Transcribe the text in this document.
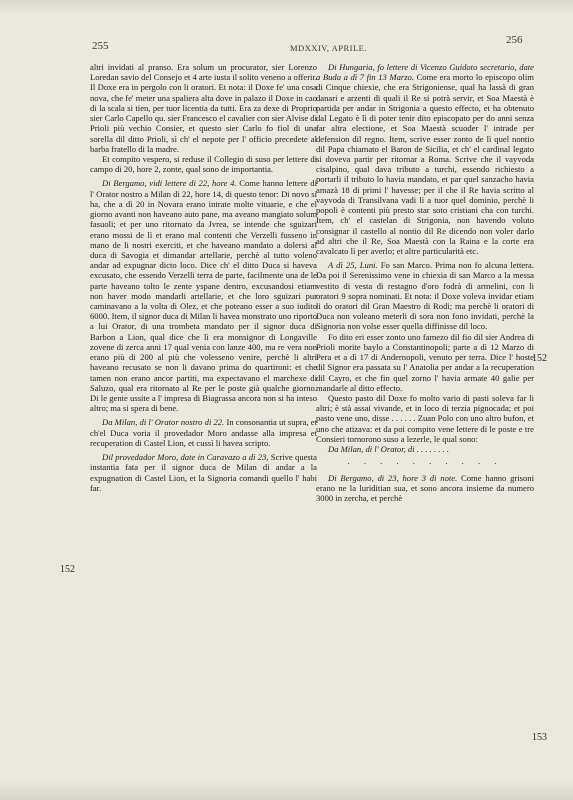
255	MDXXIV, APRILE.
256

altri invidati al pranso. Era solum un procurator, sier Lorenzo Loredan savio del Consejo et 4 arte iusta il solito veneno a offerir. Il Doxe era in pergolo con li oratori. Et nota: il Doxe fe' una cosa nova, che fe' meter una spaliera alta dove in palazo il Doxe in cao di la scala si tien, per tuor licentia da tutti. Era za dexe di Proprio sier Carlo Capello qu. sier Francesco el cavalier con sier Alvise di Prioli più vechio Consier, et questo sier Carlo fo fiol di una sorella dil ditto Prioli, sì ch' el nepote per l' officio precedete al barba fratello di la madre.

Et compito vespero, si reduse il Collegio di suso per lettere di campo di 20, hore 2, zonte, qual sono de importantia.

Di Bergamo, vidi lettere di 22, hore 4. Come hanno lettere di l' Orator nostro a Milan di 22, hore 14, di questo tenor: Di novo si ha, che a dì 20 in Novara erano intrate molte vituarie, e che el giorno avanti non haveano auto pane, ma aveano mangiato solum fasuoli; et per uno ritornato da Jvrea, se intende che sguizari erano mossi de lì et erano mal contenti che Verzelli fusseno in mano de li nostri exerciti, et che haveano mandato a dolersi al duca di Savogia et dimandar artellarie, perchè al tutto voleno andar ad expugnar dicto loco. Dice ch' el ditto Duca si haveva excusato, che essendo Verzelli terra de parte, facilmente una de le parte haveano tolto le zente yspane dentro, excusandosi etiam non haver modo mandarli artellarie, et che loro sguizari pur caminavano a la volta di Olez, et che poteano esser a suo iudito 6000. Item, il signor duca di Milan li havea monstrato uno riporto a lui Orator, di una trombeta mandato per il signor duca di Barbon a Lion, qual dice che lì era monsignor di Longaville zovene di zerca anni 17 qual venia con lanze 400, ma re vera non erano più di 200 al più che volesseno venire, perchè li altri haveano recusato se non li davano prima do quartironi: et che tamen non erano ancor partiti, ma expectavano el marchexe di Saluzo, qual era ritornato al Re per le poste già qualche giorno. Di le gente ussite a l' impresa di Biagrassa ancora non si ha inteso altro; ma si spera di bene.

Da Milan, di l' Orator nostro di 22. In consonantia ut supra, et ch'el Duca voria il provedador Moro andasse alla impresa et recuperation di Castel Lion, et cussì li havea scripto.

Dil provedador Moro, date in Caravazo a dì 23, Scrive questa instantia fata per il signor duca de Milan di andar a la expugnation di Castel Lion, et la Signoria comandi quello l' habi far.

Di Hungaria, fo lettere di Vicenzo Guidoto secretario, date a Buda a dì 7 fin 13 Marzo. Come era morto lo episcopo olim di Cinque chiexie, che era Strigoniense, qual ha lassà di gran danari e arzenti di quali il Re si potrà servir, et Soa Maestà è partida per andar in Strigonia a questo effecto, et ha obtenuto dal Legato è lì di poter tenir dito episcopato per do anni senza far altra electione, et Soa Maestà scuoder l' intrade per defension dil regno. Item, scrive esser zonto de lì quel nontio dil Papa chiamato el Baron de Sicilia, et ch' el cardinal legato si doveva partir per ritornar a Roma. Scrive che il vayvoda cisalpino, qual dava tributo a turchi, essendo richiesto a portarli il tributo lo havia mandato, et par quel sanzacho havia amazà 18 di primi l' havesse; per il che il Re havia scritto al vayvoda di Transilvana vadi lì a tuor quel dominio, perchè li popoli è contenti più presto star soto cristiani cha con turchi. Item, ch' el castelan di Strigonia, non havendo voluto consignar il castello al nontio dil Re dicendo non voler darlo ad altri che il Re, Soa Maestà con la Raina e la corte era cavalcato lì per averlo; et altre particularità etc.

A dì 25, Luni. Fo san Marco. Prima non fo alcuna lettera. Da poi il Serenissimo vene in chiexia di san Marco a la messa vestito di vesta di restagno d'oro fodrà di armelini, con li oratori 9 sopra nominati. Et nota: il Doxe voleva invidar etiam li do oratori dil Gran Maestro di Rodi; ma perchè li oratori di Duca non voleano meterli di sora non fono invidati, perchè la Signoria non volse esser quella diffinisse dil loco.

Fo dito eri esser zonto uno famezo dil fio dil sier Andrea di Prioli morite baylo a Constantinopoli; parte a dì 12 Marzo di Pera et a dì 17 di Andernopoli, venuto per terra. Dice l' hoste dil Signor era passata su l' Anatolia per andar a la recuperation dil Cayro, et che fin quel zorno l' havia armate 40 galie per mandarle al ditto effecto.

Questo pasto dil Doxe fo molto vario di pasti soleva far li altri; è stà assai vivande, et in loco di terzia pignocada; et poi pasto vene uno, disse . . . . . . Zuan Polo con uno altro bufon, et uno che atizava: et da poi compito vene lettere di le poste e tre Consieri tornorono suso a lezerle, le qual sono:

Da Milan, di l' Orator, di . . . . . . . .

. . . . . . . . . .

Di Bergamo, di 23, hore 3 di note. Come hanno grisoni erano ne la luriditian sua, et sono ancora insieme da numero 3000 in zercha, et perchè

152
152
153
